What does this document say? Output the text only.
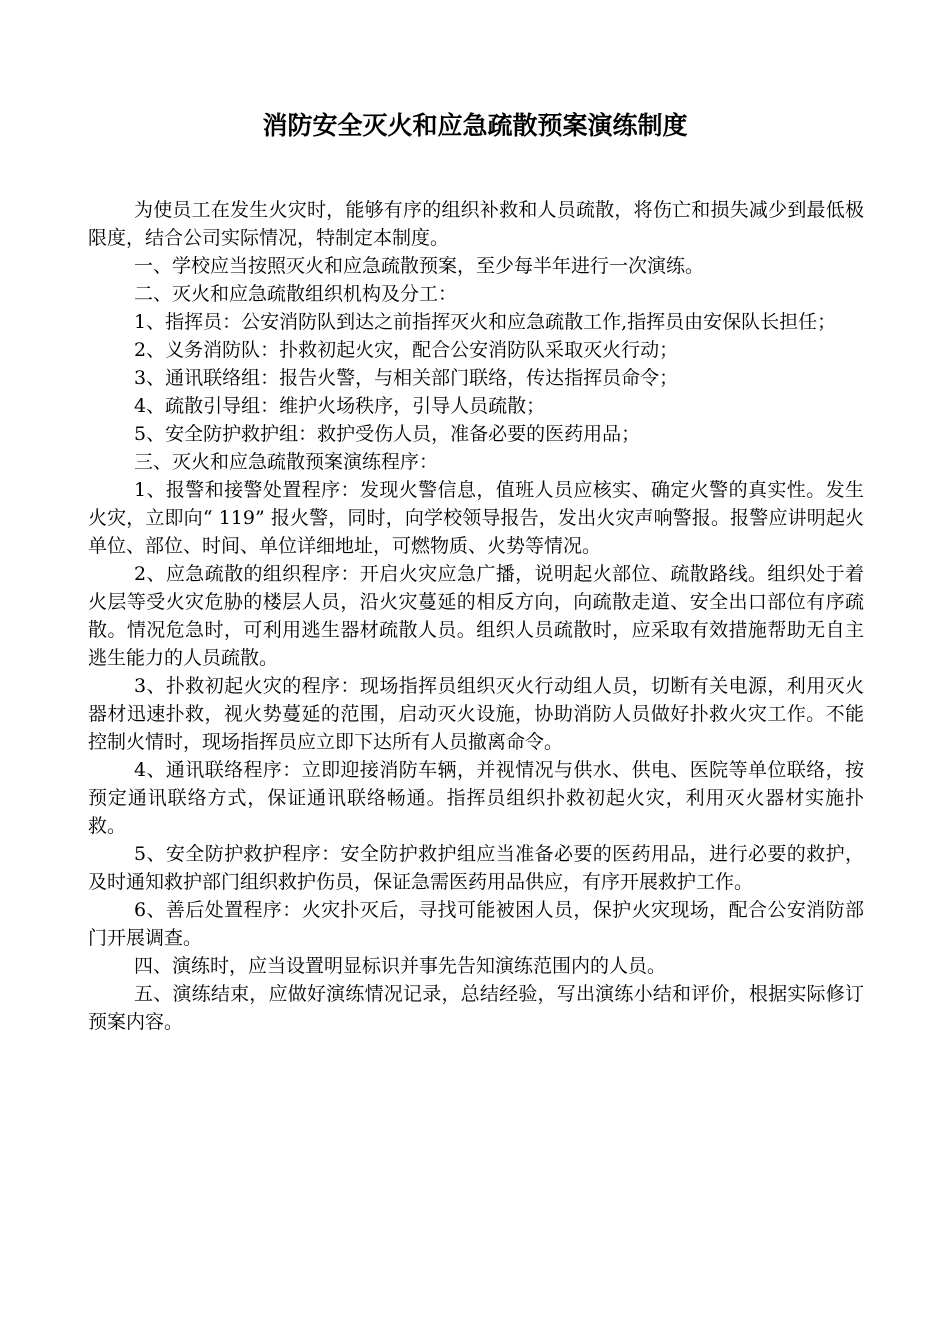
消防安全灭火和应急疏散预案演练制度

为使员工在发生火灾时，能够有序的组织补救和人员疏散，将伤亡和损失减少到最低极限度，结合公司实际情况，特制定本制度。

一、学校应当按照灭火和应急疏散预案，至少每半年进行一次演练。

二、灭火和应急疏散组织机构及分工：

1、指挥员：公安消防队到达之前指挥灭火和应急疏散工作,指挥员由安保队长担任；

2、义务消防队：扑救初起火灾，配合公安消防队采取灭火行动；

3、通讯联络组：报告火警，与相关部门联络，传达指挥员命令；

4、疏散引导组：维护火场秩序，引导人员疏散；

5、安全防护救护组：救护受伤人员，准备必要的医药用品；

三、灭火和应急疏散预案演练程序：

1、报警和接警处置程序：发现火警信息，值班人员应核实、确定火警的真实性。发生火灾，立即向“ 119” 报火警，同时，向学校领导报告，发出火灾声响警报。报警应讲明起火单位、部位、时间、单位详细地址，可燃物质、火势等情况。

2、应急疏散的组织程序：开启火灾应急广播，说明起火部位、疏散路线。组织处于着火层等受火灾危胁的楼层人员，沿火灾蔓延的相反方向，向疏散走道、安全出口部位有序疏散。情况危急时，可利用逃生器材疏散人员。组织人员疏散时，应采取有效措施帮助无自主逃生能力的人员疏散。

3、扑救初起火灾的程序：现场指挥员组织灭火行动组人员，切断有关电源，利用灭火器材迅速扑救，视火势蔓延的范围，启动灭火设施，协助消防人员做好扑救火灾工作。不能控制火情时，现场指挥员应立即下达所有人员撤离命令。

4、通讯联络程序：立即迎接消防车辆，并视情况与供水、供电、医院等单位联络，按预定通讯联络方式，保证通讯联络畅通。指挥员组织扑救初起火灾，利用灭火器材实施扑救。

5、安全防护救护程序：安全防护救护组应当准备必要的医药用品，进行必要的救护，及时通知救护部门组织救护伤员，保证急需医药用品供应，有序开展救护工作。

6、善后处置程序：火灾扑灭后，寻找可能被困人员，保护火灾现场，配合公安消防部门开展调查。

四、演练时，应当设置明显标识并事先告知演练范围内的人员。

五、演练结束，应做好演练情况记录，总结经验，写出演练小结和评价，根据实际修订预案内容。
